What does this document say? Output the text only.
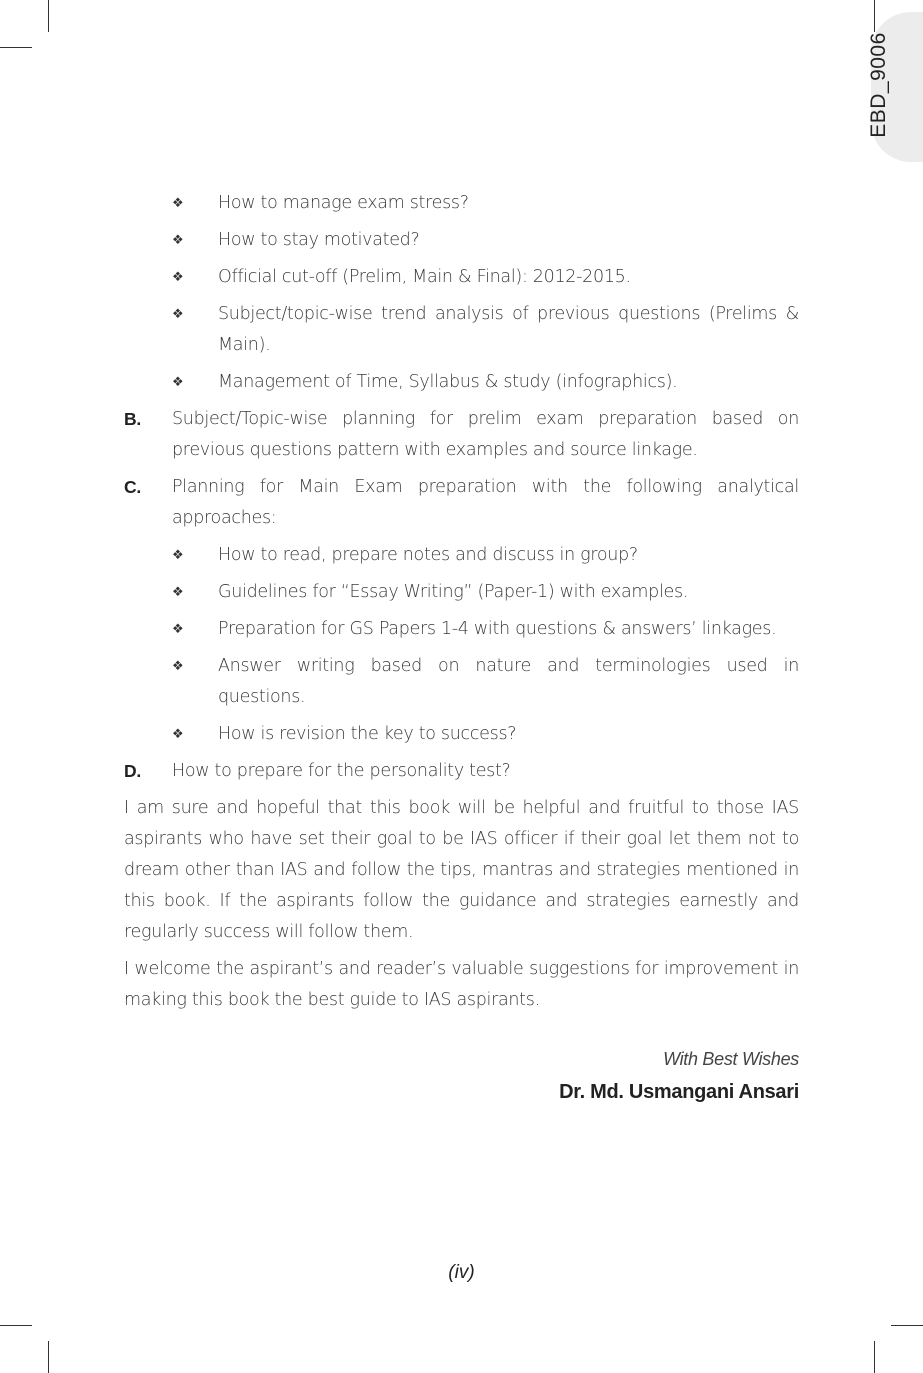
EBD_9006
❖	How to manage exam stress?
❖	How to stay motivated?
❖	Official cut-off (Prelim, Main & Final): 2012-2015.
❖	Subject/topic-wise trend analysis of previous questions (Prelims & Main).
❖	Management of Time, Syllabus & study (infographics).
B.	Subject/Topic-wise planning for prelim exam preparation based on previous questions pattern with examples and source linkage.
C.	Planning for Main Exam preparation with the following analytical approaches:
❖	How to read, prepare notes and discuss in group?
❖	Guidelines for “Essay Writing” (Paper-1) with examples.
❖	Preparation for GS Papers 1-4 with questions & answers’ linkages.
❖	Answer writing based on nature and terminologies used in questions.
❖	How is revision the key to success?
D.	How to prepare for the personality test?

I am sure and hopeful that this book will be helpful and fruitful to those IAS aspirants who have set their goal to be IAS officer if their goal let them not to dream other than IAS and follow the tips, mantras and strategies mentioned in this book. If the aspirants follow the guidance and strategies earnestly and regularly success will follow them.

I welcome the aspirant’s and reader’s valuable suggestions for improvement in making this book the best guide to IAS aspirants.

With Best Wishes
Dr. Md. Usmangani Ansari
(iv)
